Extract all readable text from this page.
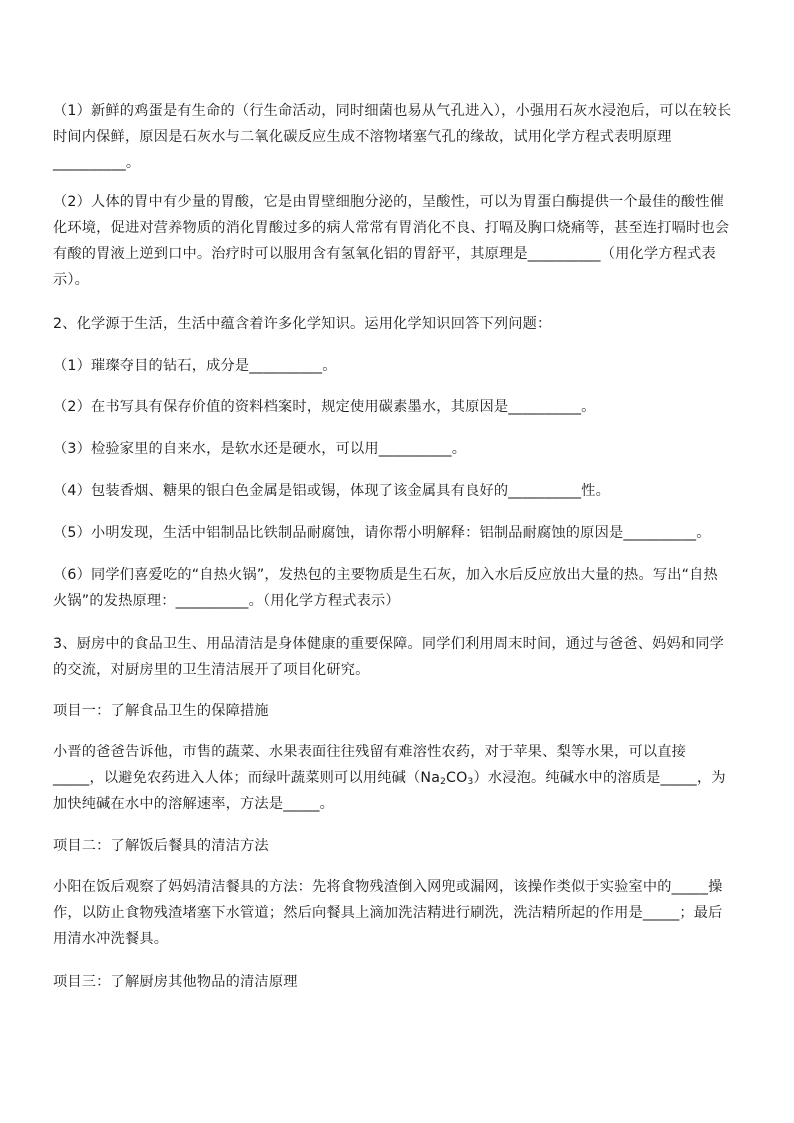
（1）新鲜的鸡蛋是有生命的（行生命活动，同时细菌也易从气孔进入），小强用石灰水浸泡后，可以在较长

时间内保鲜，原因是石灰水与二氧化碳反应生成不溶物堵塞气孔的缘故，试用化学方程式表明原理

__________。

（2）人体的胃中有少量的胃酸，它是由胃壁细胞分泌的，呈酸性，可以为胃蛋白酶提供一个最佳的酸性催

化环境，促进对营养物质的消化胃酸过多的病人常常有胃消化不良、打嗝及胸口烧痛等，甚至连打嗝时也会

有酸的胃液上逆到口中。治疗时可以服用含有氢氧化铝的胃舒平，其原理是__________（用化学方程式表

示）。

2、化学源于生活，生活中蕴含着许多化学知识。运用化学知识回答下列问题：

（1）璀璨夺目的钻石，成分是__________。

（2）在书写具有保存价值的资料档案时，规定使用碳素墨水，其原因是__________。

（3）检验家里的自来水，是软水还是硬水，可以用__________。

（4）包装香烟、糖果的银白色金属是铝或锡，体现了该金属具有良好的__________性。

（5）小明发现，生活中铝制品比铁制品耐腐蚀，请你帮小明解释：铝制品耐腐蚀的原因是__________。

（6）同学们喜爱吃的“自热火锅”，发热包的主要物质是生石灰，加入水后反应放出大量的热。写出“自热

火锅”的发热原理：__________。（用化学方程式表示）

3、厨房中的食品卫生、用品清洁是身体健康的重要保障。同学们利用周末时间，通过与爸爸、妈妈和同学

的交流，对厨房里的卫生清洁展开了项目化研究。

项目一：了解食品卫生的保障措施

小晋的爸爸告诉他，市售的蔬菜、水果表面往往残留有难溶性农药，对于苹果、梨等水果，可以直接

_____，以避免农药进入人体；而绿叶蔬菜则可以用纯碱$(Na_2CO_3)$水浸泡。纯碱水中的溶质是_____，为

加快纯碱在水中的溶解速率，方法是_____。

项目二：了解饭后餐具的清洁方法

小阳在饭后观察了妈妈清洁餐具的方法：先将食物残渣倒入网兜或漏网，该操作类似于实验室中的_____操

作，以防止食物残渣堵塞下水管道；然后向餐具上滴加洗洁精进行刷洗，洗洁精所起的作用是_____；最后

用清水冲洗餐具。

项目三：了解厨房其他物品的清洁原理
